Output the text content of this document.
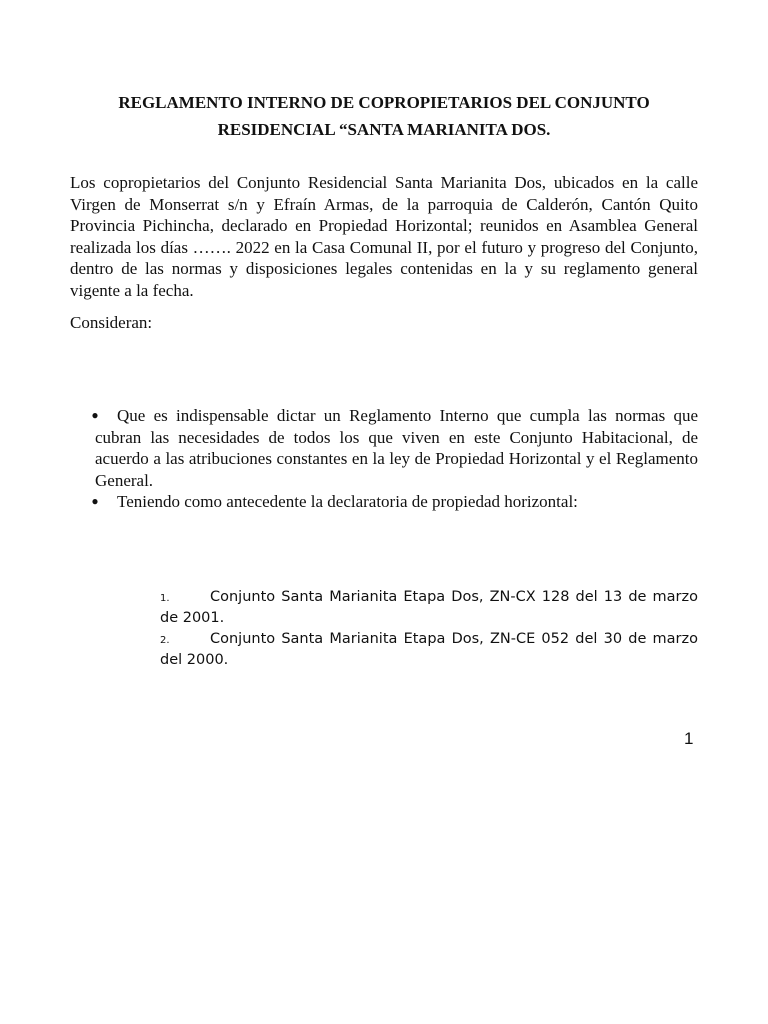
REGLAMENTO INTERNO DE COPROPIETARIOS DEL CONJUNTO
RESIDENCIAL “SANTA MARIANITA DOS.

Los copropietarios del Conjunto Residencial Santa Marianita Dos, ubicados en la calle Virgen de Monserrat s/n y Efraín Armas, de la parroquia de Calderón, Cantón Quito Provincia Pichincha, declarado en Propiedad Horizontal; reunidos en Asamblea General realizada los días ……. 2022 en la Casa Comunal II, por el futuro y progreso del Conjunto, dentro de las normas y disposiciones legales contenidas en la y su reglamento general vigente a la fecha.

Consideran:

●	Que es indispensable dictar un Reglamento Interno que cumpla las normas que cubran las necesidades de todos los que viven en este Conjunto Habitacional, de acuerdo a las atribuciones constantes en la ley de Propiedad Horizontal y el Reglamento General.
●	Teniendo como antecedente la declaratoria de propiedad horizontal:
1.	Conjunto Santa Marianita Etapa Dos, ZN-CX 128 del 13 de marzo de 2001.
2.	Conjunto Santa Marianita Etapa Dos, ZN-CE 052 del 30 de marzo del 2000.
1
